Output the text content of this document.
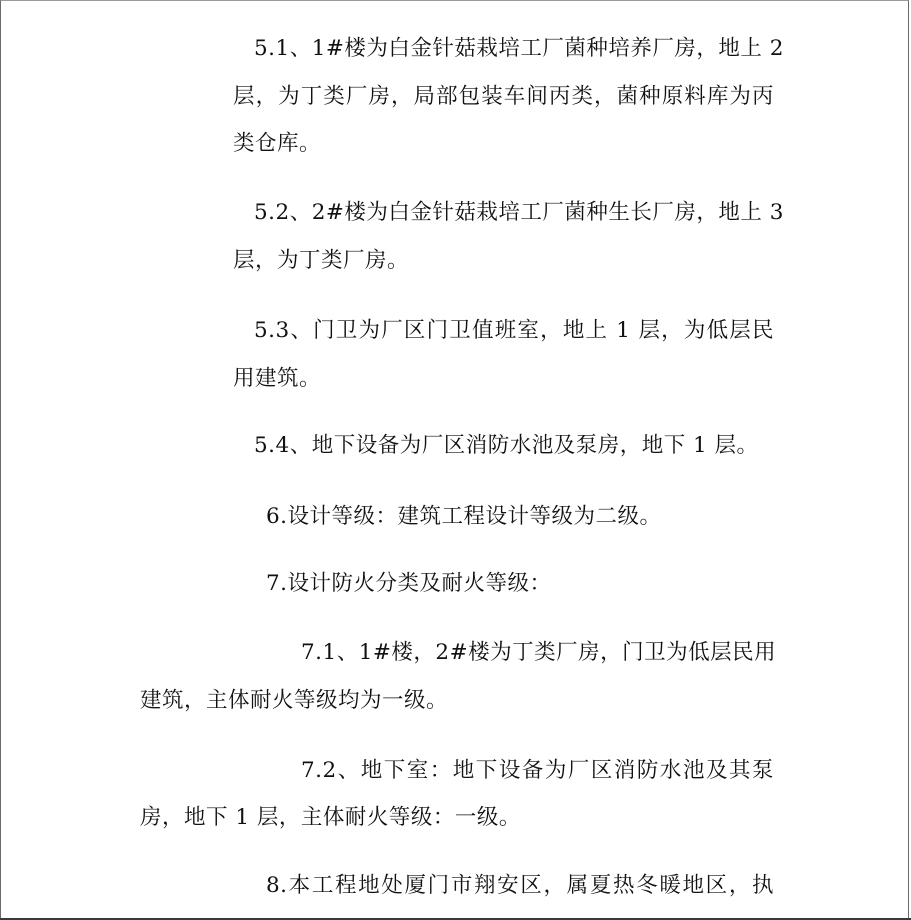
5.1、1#楼为白金针菇栽培工厂菌种培养厂房，地上 2
层，为丁类厂房，局部包装车间丙类，菌种原料库为丙
类仓库。
5.2、2#楼为白金针菇栽培工厂菌种生长厂房，地上 3
层，为丁类厂房。
5.3、门卫为厂区门卫值班室，地上 1 层，为低层民
用建筑。
5.4、地下设备为厂区消防水池及泵房，地下 1 层。
6.设计等级：建筑工程设计等级为二级。
7.设计防火分类及耐火等级：
7.1、1#楼，2#楼为丁类厂房，门卫为低层民用
建筑，主体耐火等级均为一级。
7.2、地下室：地下设备为厂区消防水池及其泵
房，地下 1 层，主体耐火等级：一级。
8.本工程地处厦门市翔安区，属夏热冬暖地区，执
